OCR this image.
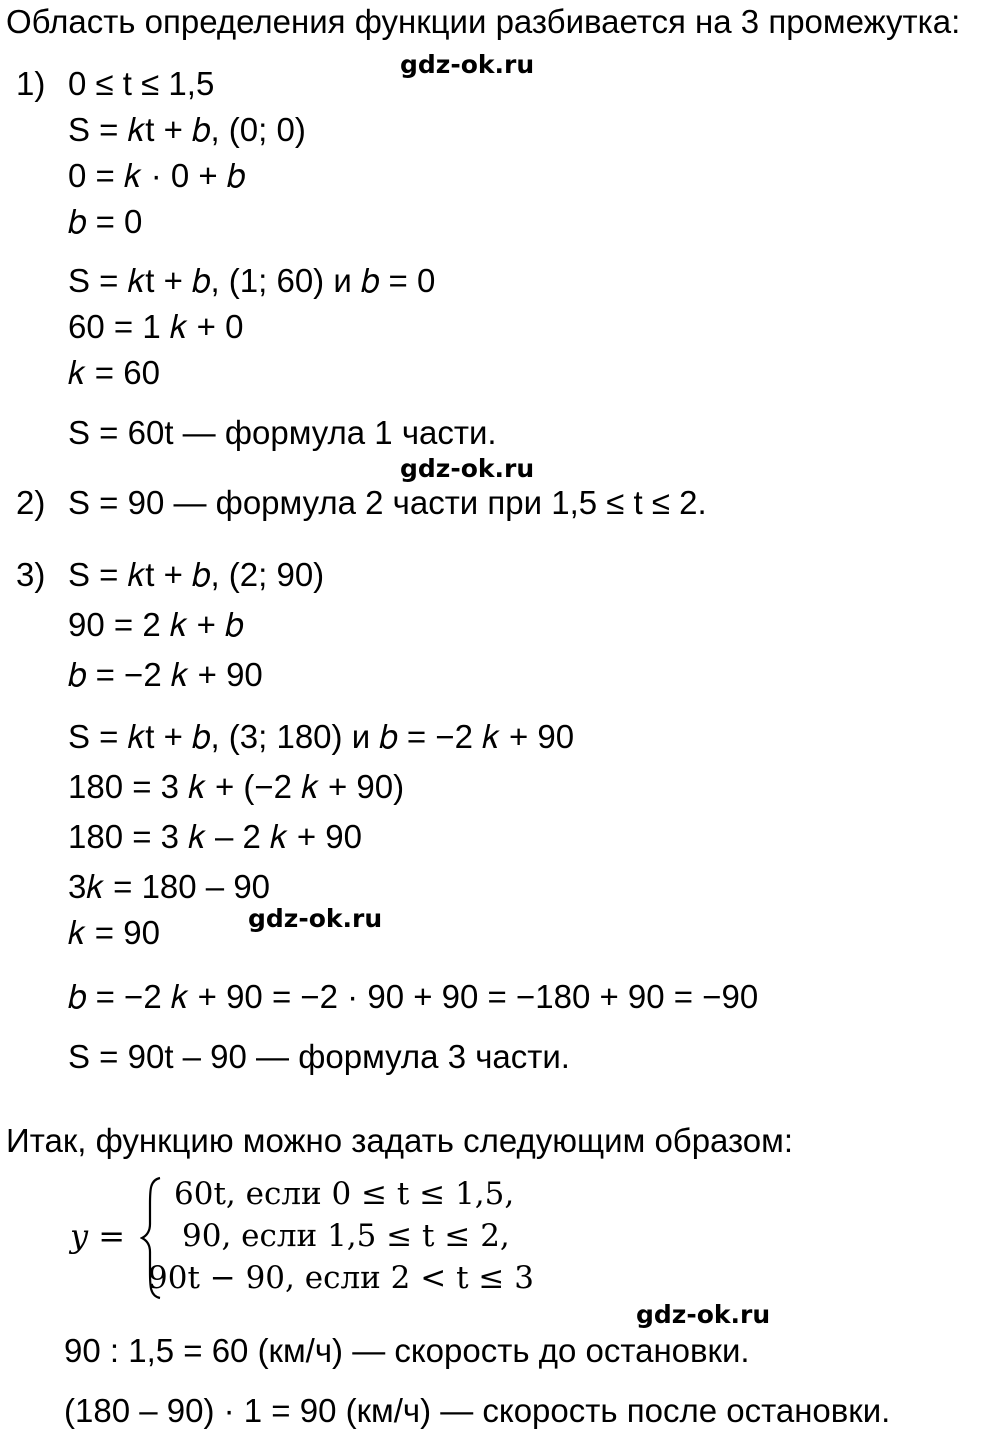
Область определения функции разбивается на 3 промежутка:
gdz-ok.ru
1) 0 ≤ t ≤ 1,5
S = 𝑘t + 𝑏, (0; 0)
0 = 𝑘 · 0 + 𝑏
𝑏 = 0
S = 𝑘t + 𝑏, (1; 60) и 𝑏 = 0
60 = 1 𝑘 + 0
𝑘 = 60
S = 60t — формула 1 части.
gdz-ok.ru
2) S = 90 — формула 2 части при 1,5 ≤ t ≤ 2.
3) S = 𝑘t + 𝑏, (2; 90)
90 = 2 𝑘 + 𝑏
𝑏 = −2 𝑘 + 90
S = 𝑘t + 𝑏, (3; 180) и 𝑏 = −2 𝑘 + 90
180 = 3 𝑘 + (−2 𝑘 + 90)
180 = 3 𝑘 – 2 𝑘 + 90
3𝑘 = 180 – 90
𝑘 = 90	gdz-ok.ru
𝑏 = −2 𝑘 + 90 = −2 · 90 + 90 = −180 + 90 = −90
S = 90t – 90 — формула 3 части.
Итак, функцию можно задать следующим образом:
𝑦 =
60t, если 0 ≤ t ≤ 1,5,
90, если 1,5 ≤ t ≤ 2,
90t − 90, если 2 < t ≤ 3
gdz-ok.ru
90 : 1,5 = 60 (км/ч) — скорость до остановки.
(180 – 90) · 1 = 90 (км/ч) — скорость после остановки.
